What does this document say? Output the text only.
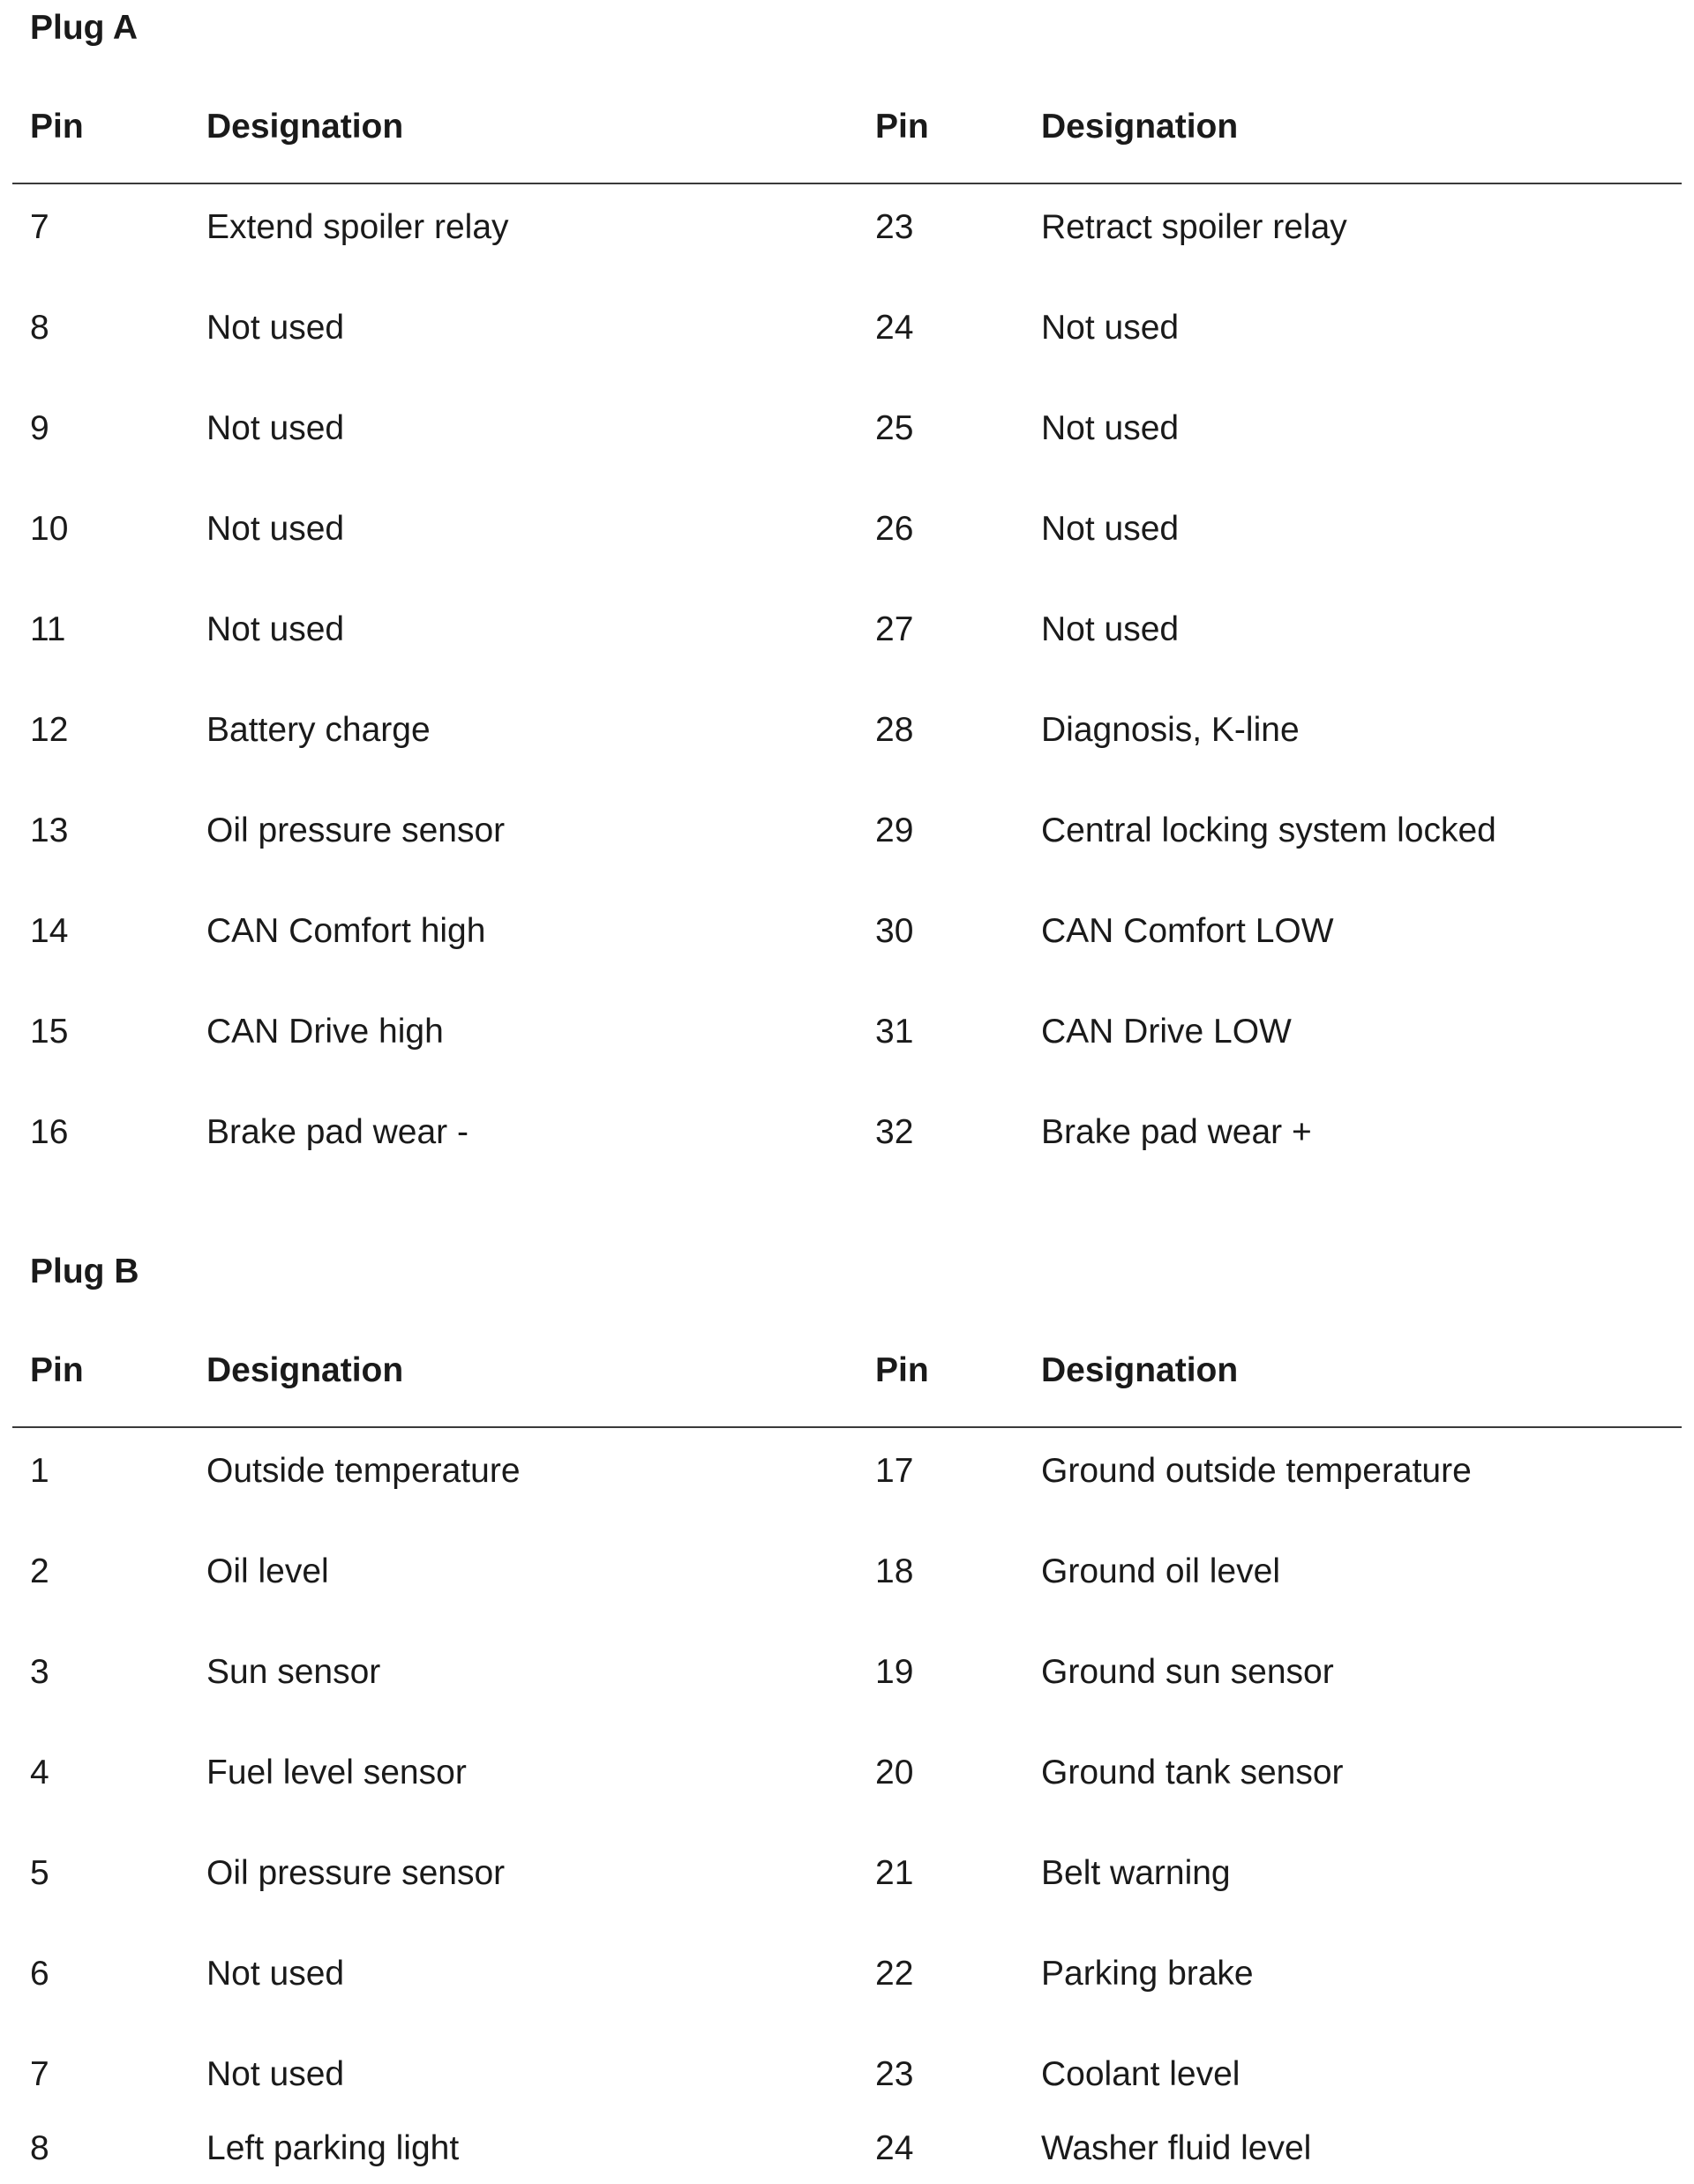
Plug A
Pin	Designation	Pin	Designation
7	Extend spoiler relay	23	Retract spoiler relay
8	Not used	24	Not used
9	Not used	25	Not used
10	Not used	26	Not used
11	Not used	27	Not used
12	Battery charge	28	Diagnosis, K-line
13	Oil pressure sensor	29	Central locking system locked
14	CAN Comfort high	30	CAN Comfort LOW
15	CAN Drive high	31	CAN Drive LOW
16	Brake pad wear -	32	Brake pad wear +
Plug B
Pin	Designation	Pin	Designation
1	Outside temperature	17	Ground outside temperature
2	Oil level	18	Ground oil level
3	Sun sensor	19	Ground sun sensor
4	Fuel level sensor	20	Ground tank sensor
5	Oil pressure sensor	21	Belt warning
6	Not used	22	Parking brake
7	Not used	23	Coolant level
8	Left parking light	24	Washer fluid level
